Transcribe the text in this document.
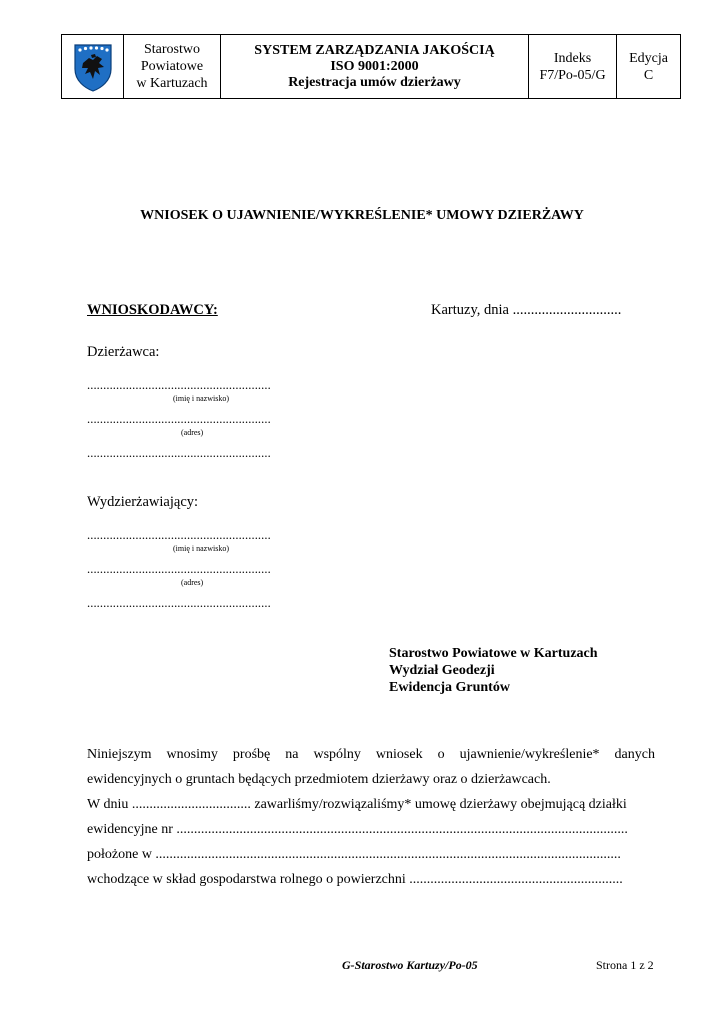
Starostwo
Powiatowe
w Kartuzach
SYSTEM ZARZĄDZANIA JAKOŚCIĄ
ISO 9001:2000
Rejestracja umów dzierżawy
Indeks
F7/Po-05/G
Edycja
C
WNIOSEK O UJAWNIENIE/WYKREŚLENIE* UMOWY DZIERŻAWY
WNIOSKODAWCY:	Kartuzy, dnia ..............................
Dzierżawca:
.........................................................
(imię i nazwisko)
.........................................................
(adres)
.........................................................
Wydzierżawiający:
.........................................................
(imię i nazwisko)
.........................................................
(adres)
.........................................................
Starostwo Powiatowe w Kartuzach
Wydział Geodezji
Ewidencja Gruntów
Niniejszym wnosimy prośbę na wspólny wniosek o ujawnienie/wykreślenie* danych
ewidencyjnych o gruntach będących przedmiotem dzierżawy oraz o dzierżawcach.
W dniu .................................. zawarliśmy/rozwiązaliśmy* umowę dzierżawy obejmującą działki
ewidencyjne nr .................................................................................................................................
położone w .....................................................................................................................................
wchodzące w skład gospodarstwa rolnego o powierzchni .............................................................
G-Starostwo Kartuzy/Po-05	Strona 1 z 2
